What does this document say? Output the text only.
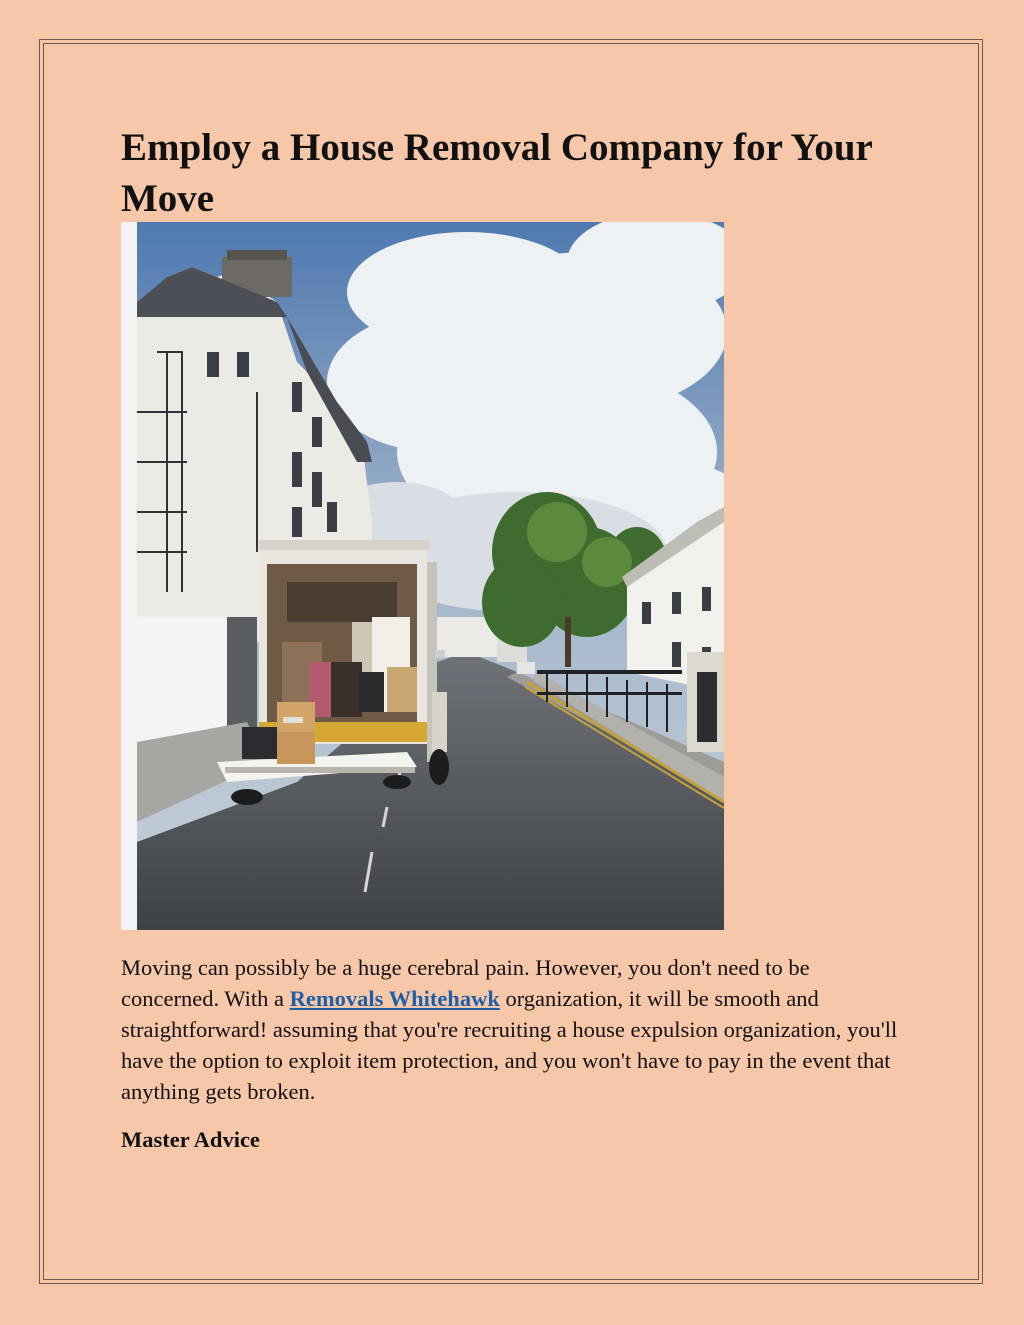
Employ a House Removal Company for Your Move

Moving can possibly be a huge cerebral pain. However, you don't need to be concerned. With a Removals Whitehawk organization, it will be smooth and straightforward! assuming that you're recruiting a house expulsion organization, you'll have the option to exploit item protection, and you won't have to pay in the event that anything gets broken.

Master Advice
